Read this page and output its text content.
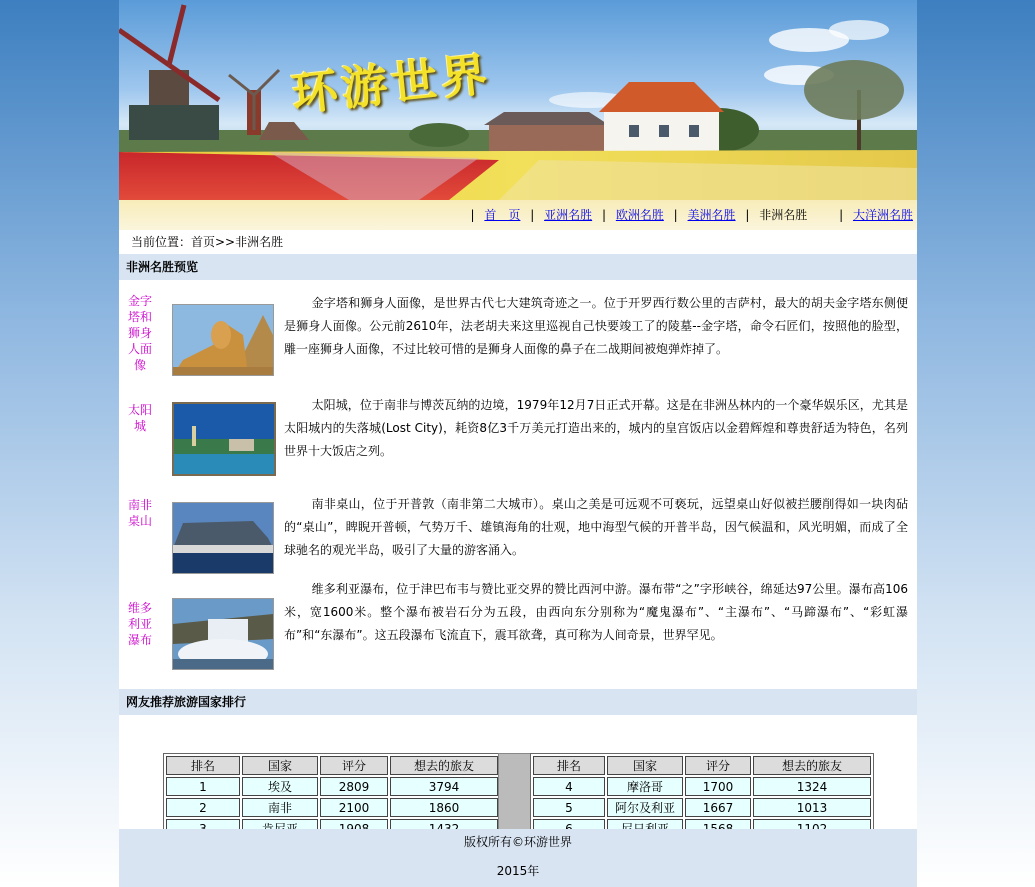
环游世界
| 首　页 | 亚洲名胜 | 欧洲名胜 | 美洲名胜 | 非洲名胜	| 大洋洲名胜
当前位置：首页>>非洲名胜
非洲名胜预览
金字塔和狮身人面像
金字塔和狮身人面像，是世界古代七大建筑奇迹之一。位于开罗西行数公里的吉萨村，最大的胡夫金字塔东侧便是狮身人面像。公元前2610年，法老胡夫来这里巡视自己快要竣工了的陵墓--金字塔，命令石匠们，按照他的脸型，雕一座狮身人面像，不过比较可惜的是狮身人面像的鼻子在二战期间被炮弹炸掉了。
太阳城
太阳城，位于南非与博茨瓦纳的边境，1979年12月7日正式开幕。这是在非洲丛林内的一个豪华娱乐区，尤其是太阳城内的失落城(Lost City)，耗资8亿3千万美元打造出来的，城内的皇宫饭店以金碧辉煌和尊贵舒适为特色，名列世界十大饭店之列。
南非桌山
南非桌山，位于开普敦（南非第二大城市）。桌山之美是可远观不可亵玩，远望桌山好似被拦腰削得如一块肉砧的“桌山”，睥睨开普顿，气势万千、雄镇海角的壮观，地中海型气候的开普半岛，因气候温和，风光明媚，而成了全球驰名的观光半岛，吸引了大量的游客涌入。
维多利亚瀑布
维多利亚瀑布，位于津巴布韦与赞比亚交界的赞比西河中游。瀑布带“之”字形峡谷，绵延达97公里。瀑布高106米，宽1600米。整个瀑布被岩石分为五段，由西向东分别称为“魔鬼瀑布”、“主瀑布”、“马蹄瀑布”、“彩虹瀑布”和“东瀑布”。这五段瀑布飞流直下，震耳欲聋，真可称为人间奇景，世界罕见。
网友推荐旅游国家排行
排名	国家	评分	想去的旅友
1	埃及	2809	3794
2	南非	2100	1860

排名	国家	评分	想去的旅友
4	摩洛哥	1700	1324
5	阿尔及利亚	1667	1013

版权所有©环游世界
2015年
